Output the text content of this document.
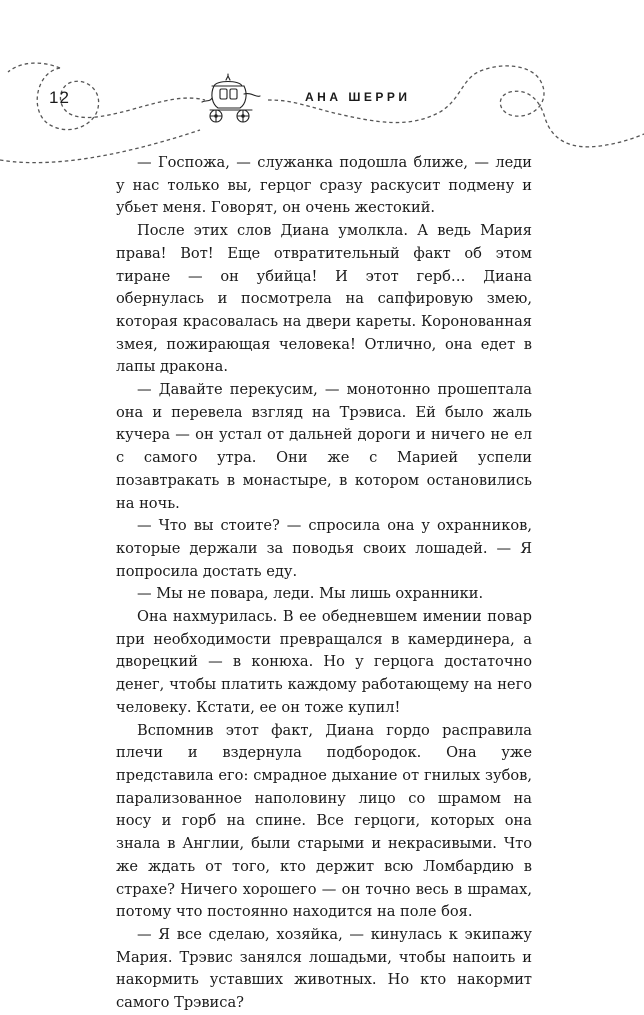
12	АНА ШЕРРИ

— Госпожа, — служанка подошла ближе, — леди у нас только вы, герцог сразу раскусит подмену и убьет меня. Говорят, он очень жестокий.

После этих слов Диана умолкла. А ведь Мария права! Вот! Еще отвратительный факт об этом тиране — он убийца! И этот герб… Диана обернулась и посмотрела на сапфировую змею, которая красовалась на двери кареты. Коронованная змея, пожирающая человека! Отлично, она едет в лапы дракона.

— Давайте перекусим, — монотонно прошептала она и перевела взгляд на Трэвиса. Ей было жаль кучера — он устал от дальней дороги и ничего не ел с самого утра. Они же с Марией успели позавтракать в монастыре, в котором остановились на ночь.

— Что вы стоите? — спросила она у охранников, которые держали за поводья своих лошадей. — Я попросила достать еду.

— Мы не повара, леди. Мы лишь охранники.

Она нахмурилась. В ее обедневшем имении повар при необходимости превращался в камердинера, а дворецкий — в конюха. Но у герцога достаточно денег, чтобы платить каждому работающему на него человеку. Кстати, ее он тоже купил!

Вспомнив этот факт, Диана гордо расправила плечи и вздернула подбородок. Она уже представила его: смрадное дыхание от гнилых зубов, парализованное наполовину лицо со шрамом на носу и горб на спине. Все герцоги, которых она знала в Англии, были старыми и некрасивыми. Что же ждать от того, кто держит всю Ломбардию в страхе? Ничего хорошего — он точно весь в шрамах, потому что постоянно находится на поле боя.

— Я все сделаю, хозяйка, — кинулась к экипажу Мария. Трэвис занялся лошадьми, чтобы напоить и накормить уставших животных. Но кто накормит самого Трэвиса?
